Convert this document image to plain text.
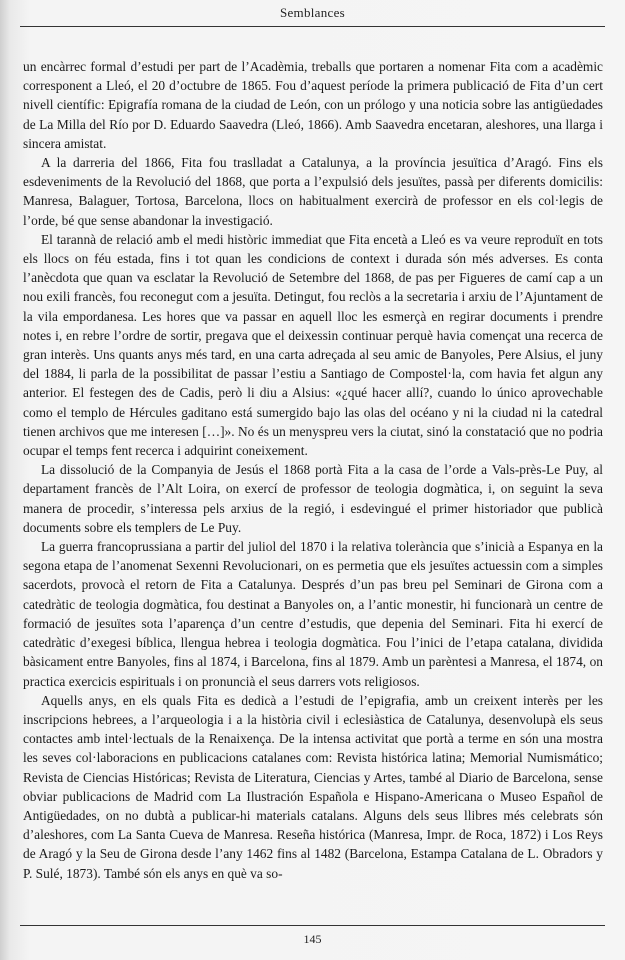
Semblances

un encàrrec formal d’estudi per part de l’Acadèmia, treballs que portaren a nomenar Fita com a acadèmic corresponent a Lleó, el 20 d’octubre de 1865. Fou d’aquest període la primera publicació de Fita d’un cert nivell científic: Epigrafía romana de la ciudad de León, con un prólogo y una noticia sobre las antigüedades de La Milla del Río por D. Eduardo Saavedra (Lleó, 1866). Amb Saavedra encetaran, aleshores, una llarga i sincera amistat.

A la darreria del 1866, Fita fou traslladat a Catalunya, a la província jesuïtica d’Aragó. Fins els esdeveniments de la Revolució del 1868, que porta a l’expulsió dels jesuïtes, passà per diferents domicilis: Manresa, Balaguer, Tortosa, Barcelona, llocs on habitualment exercirà de professor en els col·legis de l’orde, bé que sense abandonar la investigació.

El tarannà de relació amb el medi històric immediat que Fita encetà a Lleó es va veure reproduït en tots els llocs on féu estada, fins i tot quan les condicions de context i durada són més adverses. Es conta l’anècdota que quan va esclatar la Revolució de Setembre del 1868, de pas per Figueres de camí cap a un nou exili francès, fou reconegut com a jesuïta. Detingut, fou reclòs a la secretaria i arxiu de l’Ajuntament de la vila empordanesa. Les hores que va passar en aquell lloc les esmerçà en regirar documents i prendre notes i, en rebre l’ordre de sortir, pregava que el deixessin continuar perquè havia començat una recerca de gran interès. Uns quants anys més tard, en una carta adreçada al seu amic de Banyoles, Pere Alsius, el juny del 1884, li parla de la possibilitat de passar l’estiu a Santiago de Compostel·la, com havia fet algun any anterior. El festegen des de Cadis, però li diu a Alsius: «¿qué hacer allí?, cuando lo único aprovechable como el templo de Hércules gaditano está sumergido bajo las olas del océano y ni la ciudad ni la catedral tienen archivos que me interesen […]». No és un menyspreu vers la ciutat, sinó la constatació que no podria ocupar el temps fent recerca i adquirint coneixement.

La dissolució de la Companyia de Jesús el 1868 portà Fita a la casa de l’orde a Vals-près-Le Puy, al departament francès de l’Alt Loira, on exercí de professor de teologia dogmàtica, i, on seguint la seva manera de procedir, s’interessa pels arxius de la regió, i esdevingué el primer historiador que publicà documents sobre els templers de Le Puy.

La guerra francoprussiana a partir del juliol del 1870 i la relativa tolerància que s’inicià a Espanya en la segona etapa de l’anomenat Sexenni Revolucionari, on es permetia que els jesuïtes actuessin com a simples sacerdots, provocà el retorn de Fita a Catalunya. Després d’un pas breu pel Seminari de Girona com a catedràtic de teologia dogmàtica, fou destinat a Banyoles on, a l’antic monestir, hi funcionarà un centre de formació de jesuïtes sota l’aparença d’un centre d’estudis, que depenia del Seminari. Fita hi exercí de catedràtic d’exegesi bíblica, llengua hebrea i teologia dogmàtica. Fou l’inici de l’etapa catalana, dividida bàsicament entre Banyoles, fins al 1874, i Barcelona, fins al 1879. Amb un parèntesi a Manresa, el 1874, on practica exercicis espirituals i on pronuncià el seus darrers vots religiosos.

Aquells anys, en els quals Fita es dedicà a l’estudi de l’epigrafia, amb un creixent interès per les inscripcions hebrees, a l’arqueologia i a la història civil i eclesiàstica de Catalunya, desenvolupà els seus contactes amb intel·lectuals de la Renaixença. De la intensa activitat que portà a terme en són una mostra les seves col·laboracions en publicacions catalanes com: Revista histórica latina; Memorial Numismático; Revista de Ciencias Históricas; Revista de Literatura, Ciencias y Artes, també al Diario de Barcelona, sense obviar publicacions de Madrid com La Ilustración Española e Hispano-Americana o Museo Español de Antigüedades, on no dubtà a publicar-hi materials catalans. Alguns dels seus llibres més celebrats són d’aleshores, com La Santa Cueva de Manresa. Reseña histórica (Manresa, Impr. de Roca, 1872) i Los Reys de Aragó y la Seu de Girona desde l’any 1462 fins al 1482 (Barcelona, Estampa Catalana de L. Obradors y P. Sulé, 1873). També són els anys en què va so-

145
